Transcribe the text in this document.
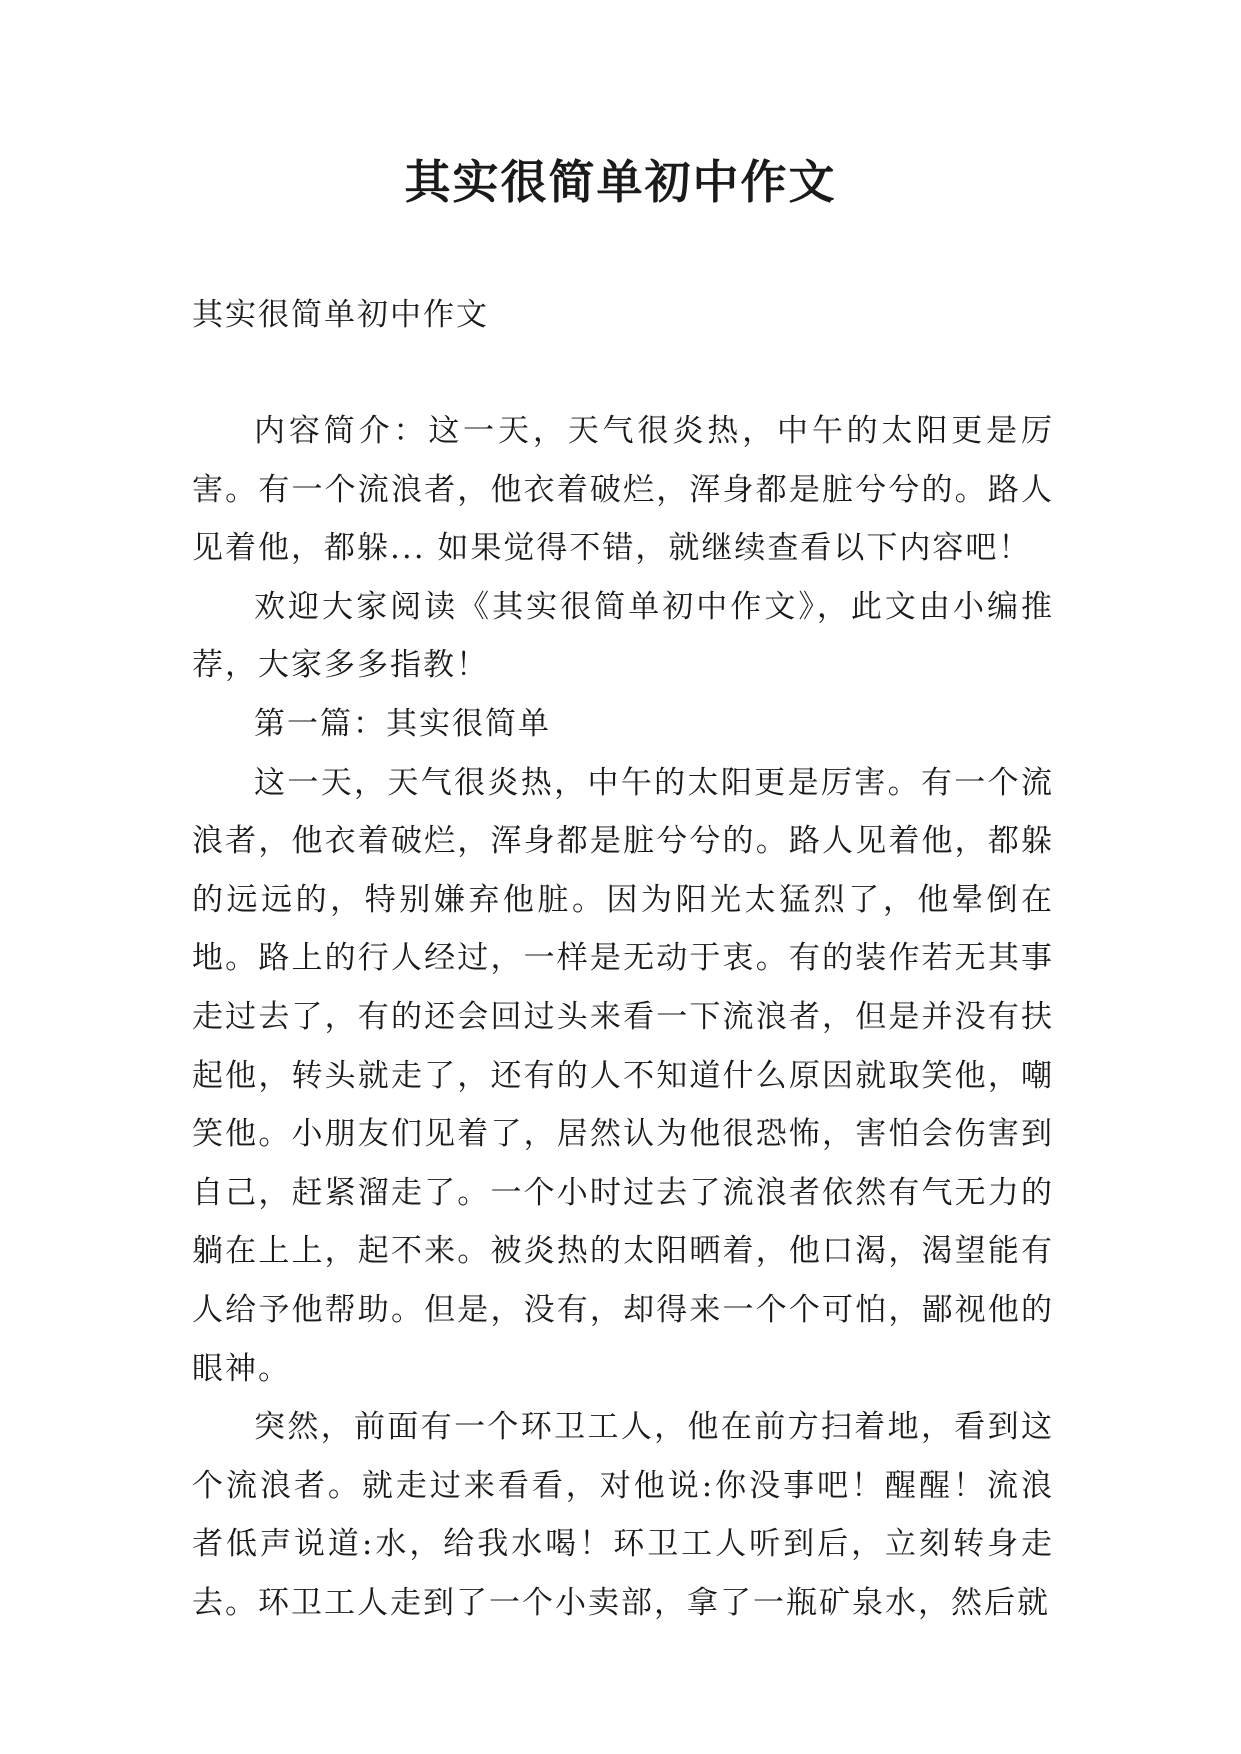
其实很简单初中作文
其实很简单初中作文

内容简介：这一天，天气很炎热，中午的太阳更是厉害。有一个流浪者，他衣着破烂，浑身都是脏兮兮的。路人见着他，都躲... 如果觉得不错，就继续查看以下内容吧！

欢迎大家阅读《其实很简单初中作文》，此文由小编推荐，大家多多指教！

第一篇：其实很简单

这一天，天气很炎热，中午的太阳更是厉害。有一个流浪者，他衣着破烂，浑身都是脏兮兮的。路人见着他，都躲的远远的，特别嫌弃他脏。因为阳光太猛烈了，他晕倒在地。路上的行人经过，一样是无动于衷。有的装作若无其事走过去了，有的还会回过头来看一下流浪者，但是并没有扶起他，转头就走了，还有的人不知道什么原因就取笑他，嘲笑他。小朋友们见着了，居然认为他很恐怖，害怕会伤害到自己，赶紧溜走了。一个小时过去了流浪者依然有气无力的躺在上上，起不来。被炎热的太阳晒着，他口渴，渴望能有人给予他帮助。但是，没有，却得来一个个可怕，鄙视他的眼神。

突然，前面有一个环卫工人，他在前方扫着地，看到这个流浪者。就走过来看看，对他说:你没事吧！醒醒！流浪者低声说道:水，给我水喝！环卫工人听到后，立刻转身走去。环卫工人走到了一个小卖部，拿了一瓶矿泉水，然后就
